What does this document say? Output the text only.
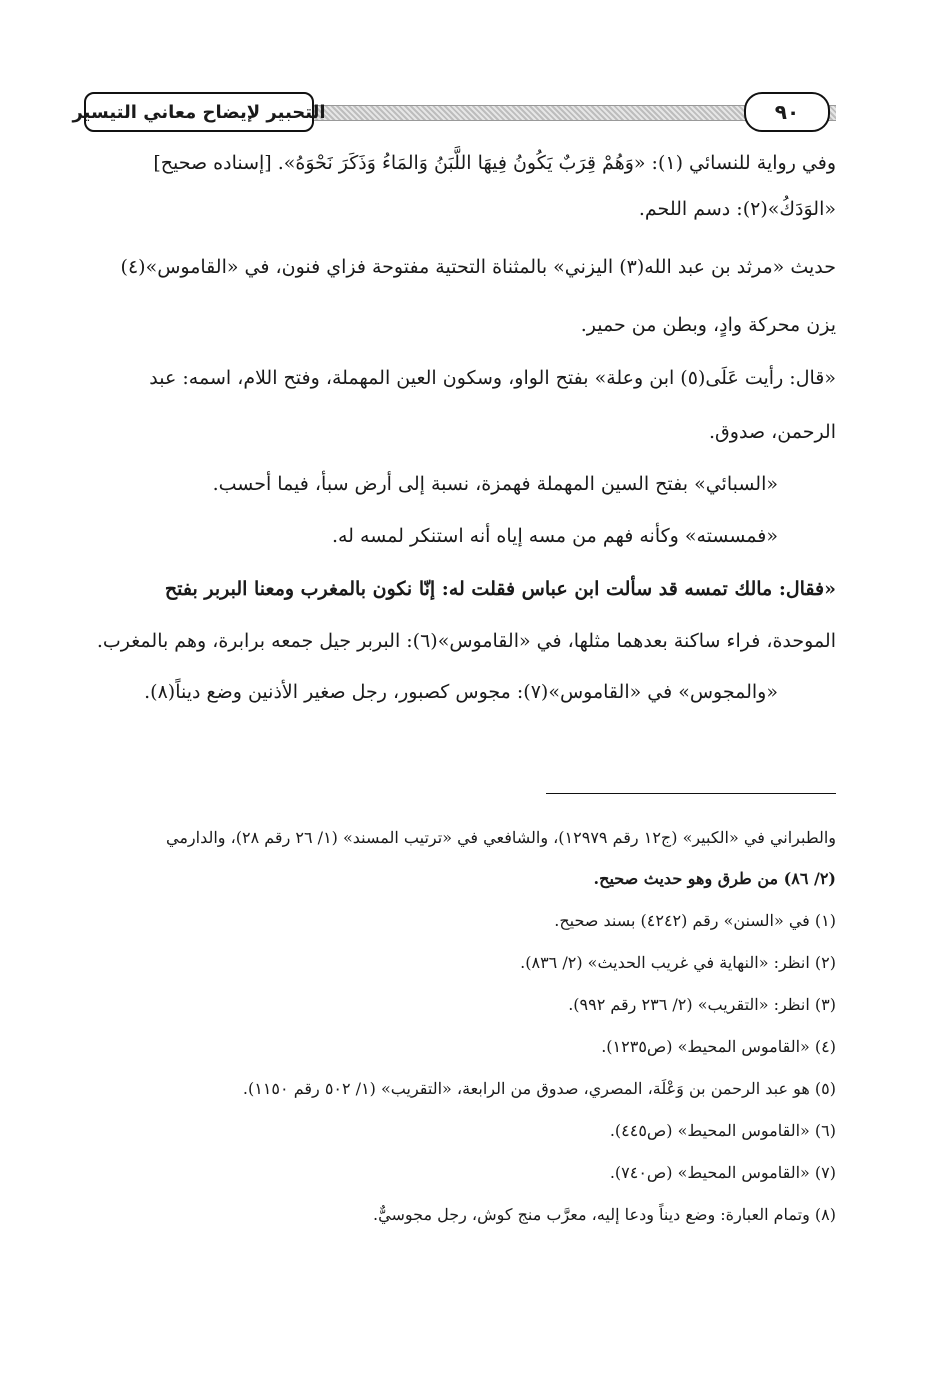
التحبير لإيضاح معاني التيسير	٩٠
وفي رواية للنسائي (١): «وَهُمْ قِرَبٌ يَكُونُ فِيهَا اللَّبَنُ وَالمَاءُ وَذَكَرَ نَحْوَهُ». [إسناده صحيح]
«الوَدَكُ»(٢): دسم اللحم.
حديث «مرثد بن عبد الله(٣) اليزني» بالمثناة التحتية مفتوحة فزاي فنون، في «القاموس»(٤)
يزن محركة وادٍ، وبطن من حمير.
«قال: رأيت عَلَى(٥) ابن وعلة» بفتح الواو، وسكون العين المهملة، وفتح اللام، اسمه: عبد
الرحمن، صدوق.
«السبائي» بفتح السين المهملة فهمزة، نسبة إلى أرض سبأ، فيما أحسب.
«فمسسته» وكأنه فهم من مسه إياه أنه استنكر لمسه له.
«فقال: مالك تمسه قد سألت ابن عباس فقلت له: إنّا نكون بالمغرب ومعنا البربر بفتح
الموحدة، فراء ساكنة بعدهما مثلها، في «القاموس»(٦): البربر جيل جمعه برابرة، وهم بالمغرب.
«والمجوس» في «القاموس»(٧): مجوس كصبور، رجل صغير الأذنين وضع ديناً(٨).
والطبراني في «الكبير» (ج١٢ رقم ١٢٩٧٩)، والشافعي في «ترتيب المسند» (١/ ٢٦ رقم ٢٨)، والدارمي
(٢/ ٨٦) من طرق وهو حديث صحيح.
(١) في «السنن» رقم (٤٢٤٢) بسند صحيح.
(٢) انظر: «النهاية في غريب الحديث» (٢/ ٨٣٦).
(٣) انظر: «التقريب» (٢/ ٢٣٦ رقم ٩٩٢).
(٤) «القاموس المحيط» (ص١٢٣٥).
(٥) هو عبد الرحمن بن وَعْلَة، المصري، صدوق من الرابعة، «التقريب» (١/ ٥٠٢ رقم ١١٥٠).
(٦) «القاموس المحيط» (ص٤٤٥).
(٧) «القاموس المحيط» (ص٧٤٠).
(٨) وتمام العبارة: وضع ديناً ودعا إليه، معرَّب منج كوش، رجل مجوسيٌّ.
